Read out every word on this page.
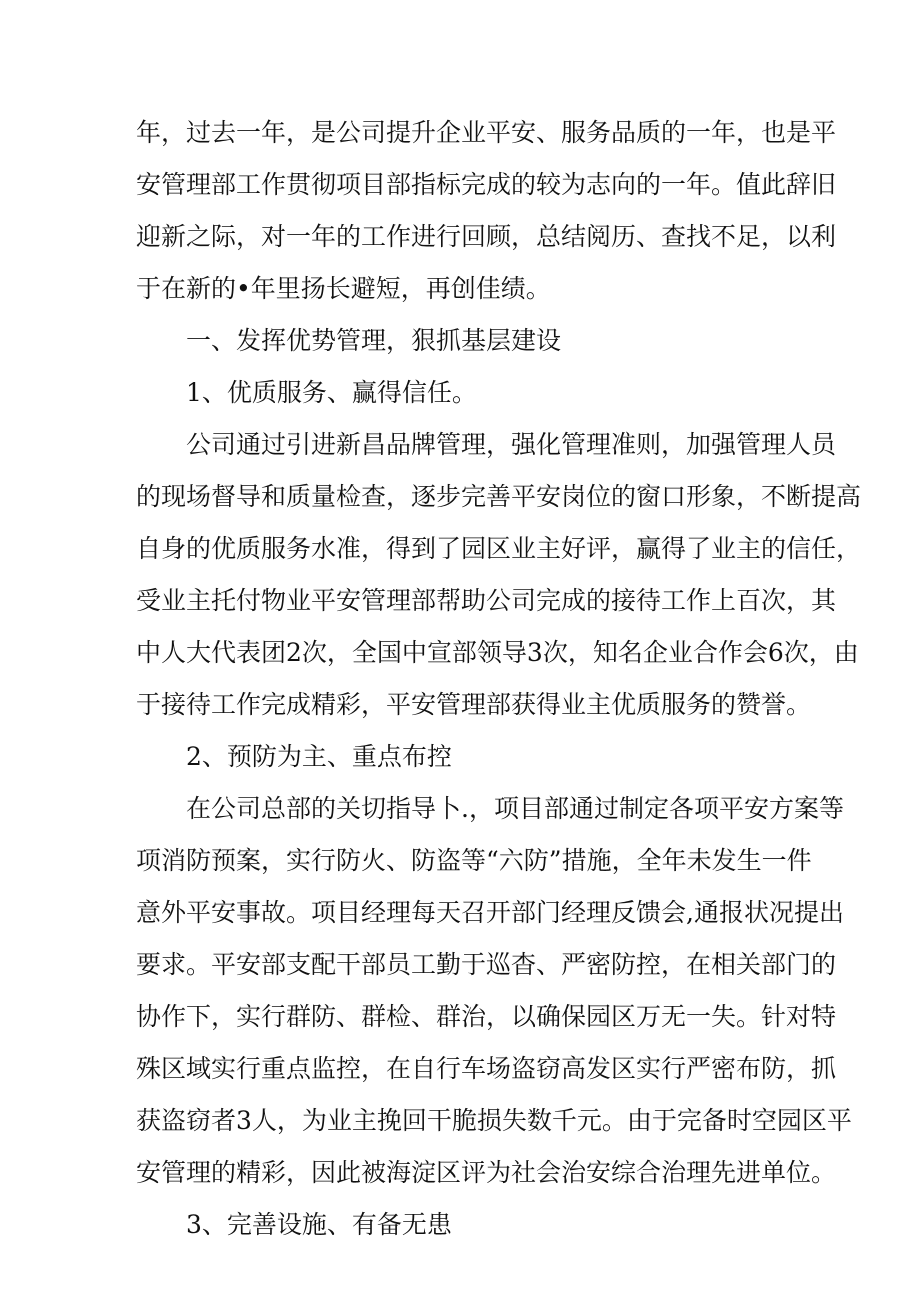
年，过去一年，是公司提升企业平安、服务品质的一年，也是平
安管理部工作贯彻项目部指标完成的较为志向的一年。值此辞旧
迎新之际，对一年的工作进行回顾，总结阅历、查找不足，以利
于在新的•年里扬长避短，再创佳绩。
一、发挥优势管理，狠抓基层建设
1、优质服务、赢得信任。
公司通过引进新昌品牌管理，强化管理准则，加强管理人员
的现场督导和质量检查，逐步完善平安岗位的窗口形象，不断提高
自身的优质服务水准，得到了园区业主好评，赢得了业主的信任，
受业主托付物业平安管理部帮助公司完成的接待工作上百次，其
中人大代表团2次，全国中宣部领导3次，知名企业合作会6次，由
于接待工作完成精彩，平安管理部获得业主优质服务的赞誉。
2、预防为主、重点布控
在公司总部的关切指导卜.，项目部通过制定各项平安方案等
项消防预案，实行防火、防盗等“六防”措施，全年未发生一件
意外平安事故。项目经理每天召开部门经理反馈会,通报状况提出
要求。平安部支配干部员工勤于巡杳、严密防控，在相关部门的
协作下，实行群防、群检、群治，以确保园区万无一失。针对特
殊区域实行重点监控，在自行车场盗窃高发区实行严密布防，抓
获盗窃者3人，为业主挽回干脆损失数千元。由于完备时空园区平
安管理的精彩，因此被海淀区评为社会治安综合治理先进单位。
3、完善设施、有备无患
